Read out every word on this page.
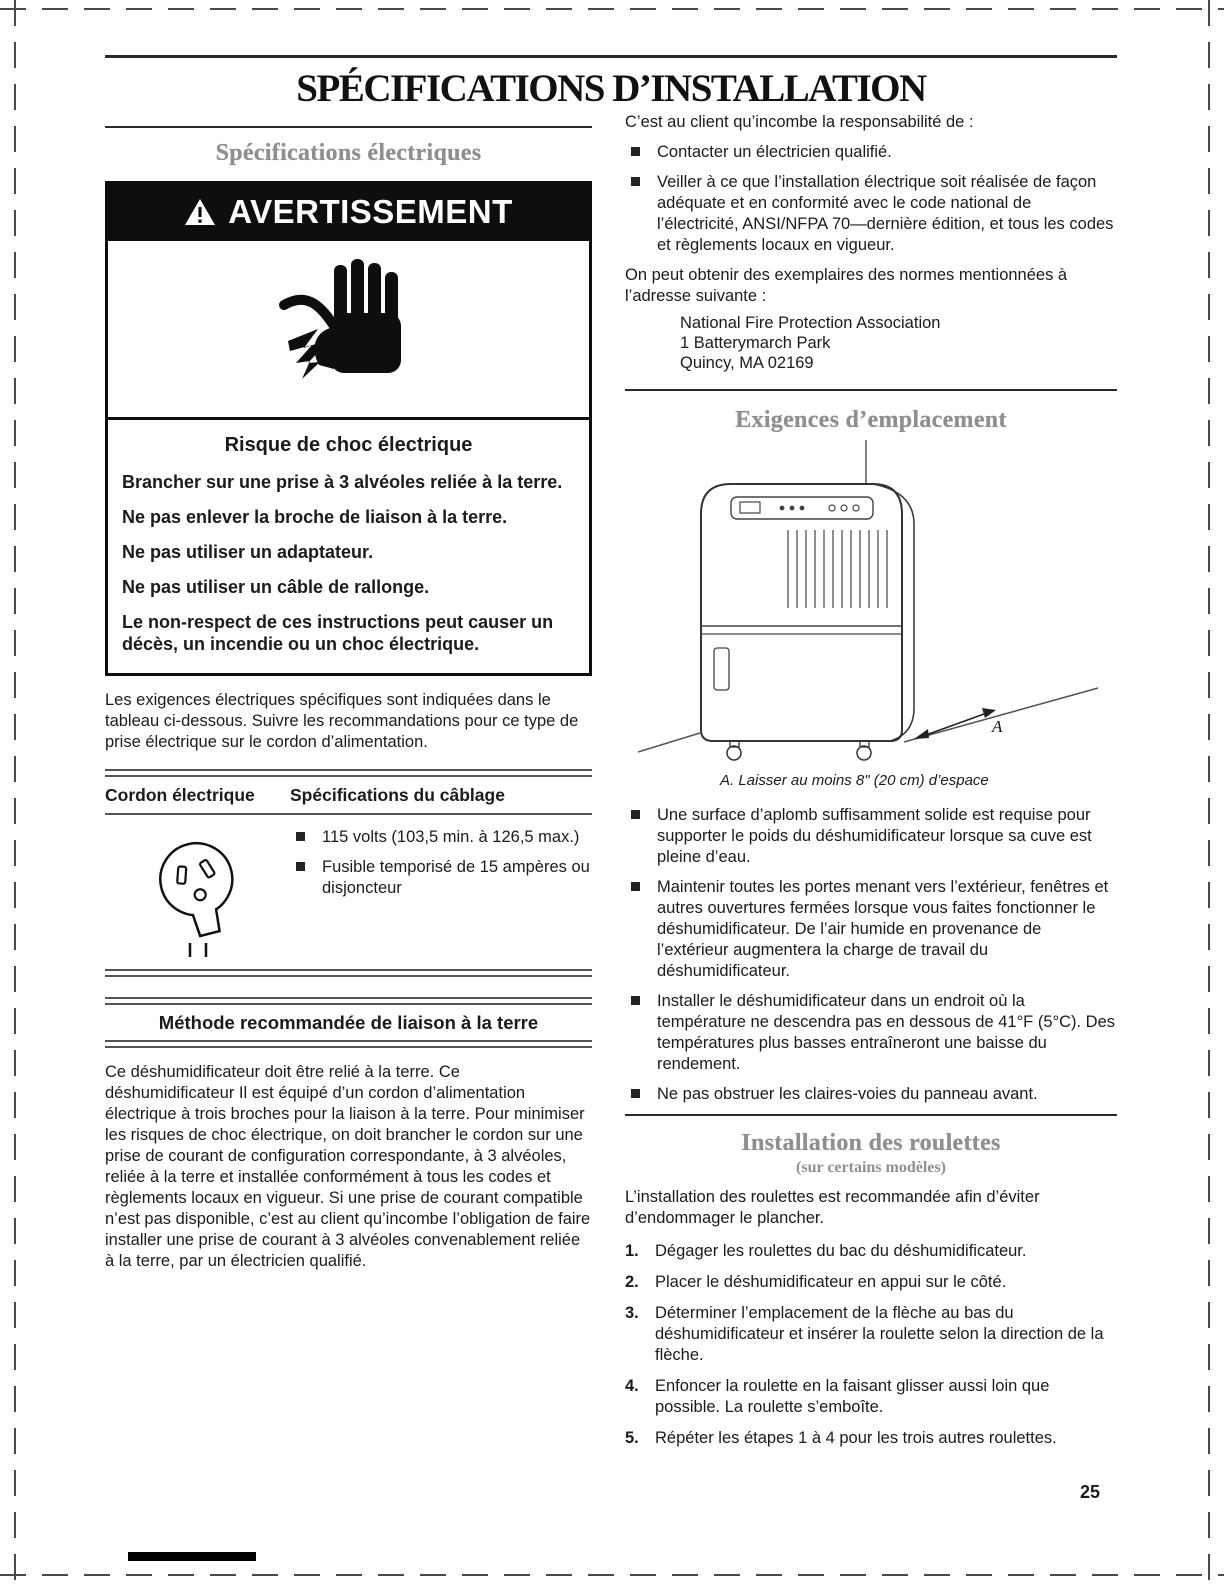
SPÉCIFICATIONS D’INSTALLATION
Spécifications électriques
AVERTISSEMENT
Risque de choc électrique
Brancher sur une prise à 3 alvéoles reliée à la terre.
Ne pas enlever la broche de liaison à la terre.
Ne pas utiliser un adaptateur.
Ne pas utiliser un câble de rallonge.
Le non-respect de ces instructions peut causer un décès, un incendie ou un choc électrique.
Les exigences électriques spécifiques sont indiquées dans le tableau ci-dessous. Suivre les recommandations pour ce type de prise électrique sur le cordon d’alimentation.
Cordon électrique	Spécifications du câblage
115 volts (103,5 min. à 126,5 max.)
Fusible temporisé de 15 ampères ou disjoncteur
Méthode recommandée de liaison à la terre
Ce déshumidificateur doit être relié à la terre. Ce déshumidificateur Il est équipé d’un cordon d’alimentation électrique à trois broches pour la liaison à la terre. Pour minimiser les risques de choc électrique, on doit brancher le cordon sur une prise de courant de configuration correspondante, à 3 alvéoles, reliée à la terre et installée conformément à tous les codes et règlements locaux en vigueur. Si une prise de courant compatible n’est pas disponible, c’est au client qu’incombe l’obligation de faire installer une prise de courant à 3 alvéoles convenablement reliée à la terre, par un électricien qualifié.
C’est au client qu’incombe la responsabilité de :
Contacter un électricien qualifié.
Veiller à ce que l’installation électrique soit réalisée de façon adéquate et en conformité avec le code national de l’électricité, ANSI/NFPA 70—dernière édition, et tous les codes et règlements locaux en vigueur.
On peut obtenir des exemplaires des normes mentionnées à l’adresse suivante :
National Fire Protection Association
1 Batterymarch Park
Quincy, MA 02169
Exigences d’emplacement
A
A. Laisser au moins 8" (20 cm) d’espace
Une surface d’aplomb suffisamment solide est requise pour supporter le poids du déshumidificateur lorsque sa cuve est pleine d’eau.
Maintenir toutes les portes menant vers l’extérieur, fenêtres et autres ouvertures fermées lorsque vous faites fonctionner le déshumidificateur. De l’air humide en provenance de l’extérieur augmentera la charge de travail du déshumidificateur.
Installer le déshumidificateur dans un endroit où la température ne descendra pas en dessous de 41°F (5°C). Des températures plus basses entraîneront une baisse du rendement.
Ne pas obstruer les claires-voies du panneau avant.
Installation des roulettes
(sur certains modèles)
L’installation des roulettes est recommandée afin d’éviter d’endommager le plancher.
1. Dégager les roulettes du bac du déshumidificateur.
2. Placer le déshumidificateur en appui sur le côté.
3. Déterminer l’emplacement de la flèche au bas du déshumidificateur et insérer la roulette selon la direction de la flèche.
4. Enfoncer la roulette en la faisant glisser aussi loin que possible. La roulette s’emboîte.
5. Répéter les étapes 1 à 4 pour les trois autres roulettes.
25
